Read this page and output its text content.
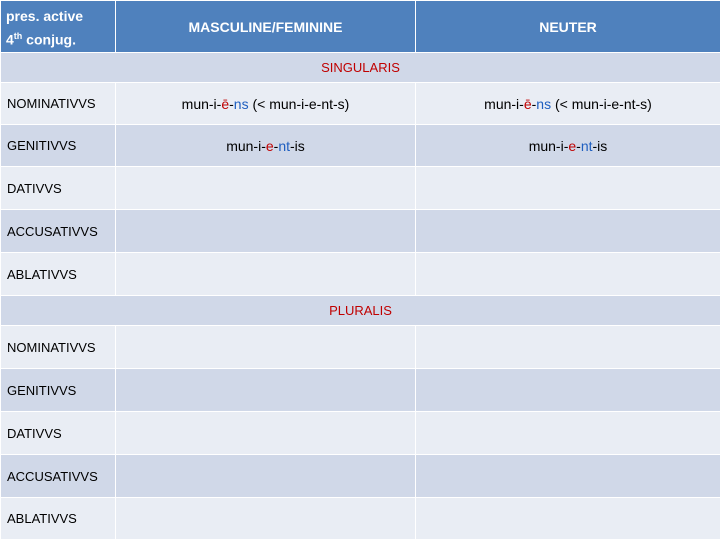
pres. active
4th conjug.	MASCULINE/FEMININE	NEUTER
SINGULARIS		
NOMINATIVVS	mun-i-ē-ns (< mun-i-e-nt-s)	mun-i-ē-ns (< mun-i-e-nt-s)
GENITIVVS	mun-i-e-nt-is	mun-i-e-nt-is
DATIVVS		
ACCUSATIVVS		
ABLATIVVS		
PLURALIS		
NOMINATIVVS		
GENITIVVS		
DATIVVS		
ACCUSATIVVS		
ABLATIVVS		
